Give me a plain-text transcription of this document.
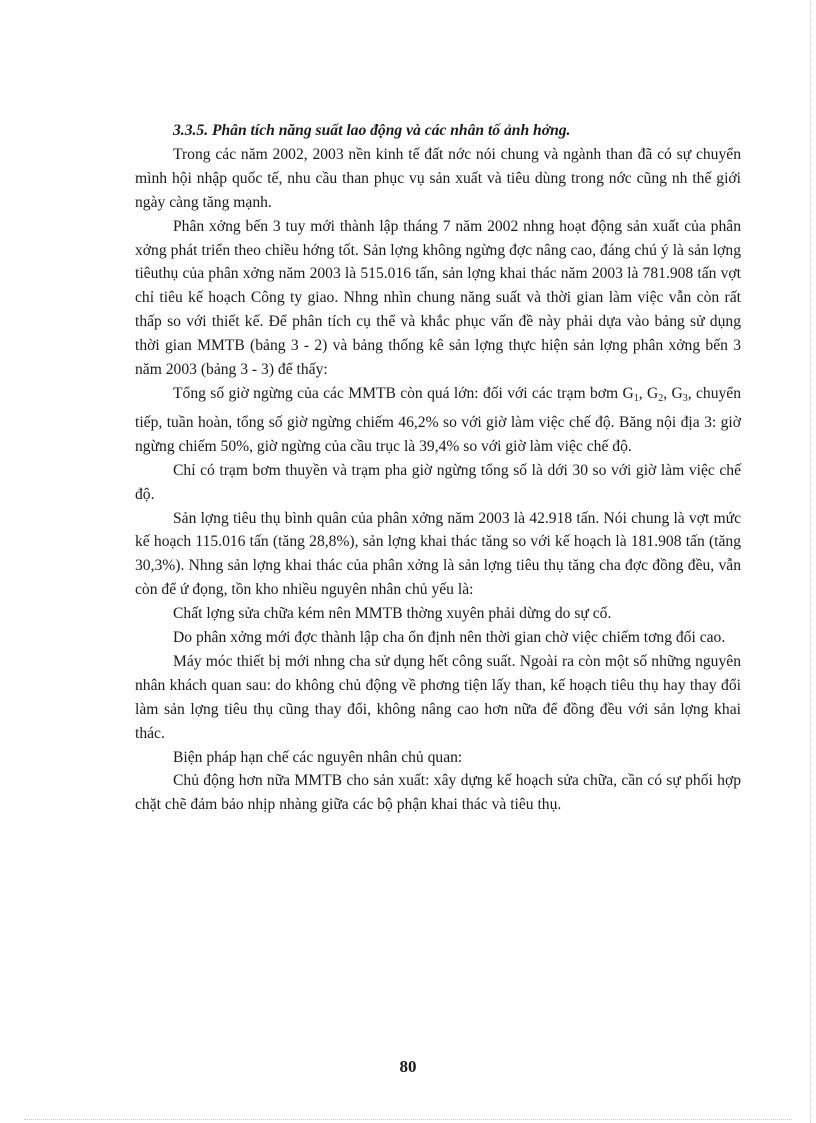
3.3.5. Phân tích năng suất lao động và các nhân tố ảnh hởng.

Trong các năm 2002, 2003 nền kinh tế đất nớc nói chung và ngành than đã có sự chuyển mình hội nhập quốc tế, nhu cầu than phục vụ sản xuất và tiêu dùng trong nớc cũng nh thế giới ngày càng tăng mạnh.

Phân xởng bến 3 tuy mới thành lập tháng 7 năm 2002 nhng hoạt động sản xuất của phân xởng phát triển theo chiều hớng tốt. Sản lợng không ngừng đợc nâng cao, đáng chú ý là sản lợng tiêuthụ của phân xởng năm 2003 là 515.016 tấn, sản lợng khai thác năm 2003 là 781.908 tấn vợt chỉ tiêu kế hoạch Công ty giao. Nhng nhìn chung năng suất và thời gian làm việc vẫn còn rất thấp so với thiết kế. Để phân tích cụ thể và khắc phục vấn đề này phải dựa vào bảng sử dụng thời gian MMTB (bảng 3 - 2) và bảng thống kê sản lợng thực hiện sản lợng phân xởng bến 3 năm 2003 (bảng 3 - 3) để thấy:

Tổng số giờ ngừng của các MMTB còn quá lớn: đối với các trạm bơm $G_1$, $G_2$, $G_3$, chuyển tiếp, tuần hoàn, tổng số giờ ngừng chiếm 46,2% so với giờ làm việc chế độ. Băng nội địa 3: giờ ngừng chiếm 50%, giờ ngừng của cầu trục là 39,4% so với giờ làm việc chế độ.

Chỉ có trạm bơm thuyền và trạm pha giờ ngừng tổng số là dới 30 so với giờ làm việc chế độ.

Sản lợng tiêu thụ bình quân của phân xởng năm 2003 là 42.918 tấn. Nói chung là vợt mức kế hoạch 115.016 tấn (tăng 28,8%), sản lợng khai thác tăng so với kế hoạch là 181.908 tấn (tăng 30,3%). Nhng sản lợng khai thác của phân xởng là sản lợng tiêu thụ tăng cha đợc đồng đều, vẫn còn để ứ đọng, tồn kho nhiều nguyên nhân chủ yếu là:

Chất lợng sửa chữa kém nên MMTB thờng xuyên phải dừng do sự cố.

Do phân xởng mới đợc thành lập cha ổn định nên thời gian chờ việc chiếm tơng đối cao.

Máy móc thiết bị mới nhng cha sử dụng hết công suất. Ngoài ra còn một số những nguyên nhân khách quan sau: do không chủ động về phơng tiện lấy than, kế hoạch tiêu thụ hay thay đổi làm sản lợng tiêu thụ cũng thay đổi, không nâng cao hơn nữa để đồng đều với sản lợng khai thác.

Biện pháp hạn chế các nguyên nhân chủ quan:

Chủ động hơn nữa MMTB cho sản xuất: xây dựng kế hoạch sửa chữa, cần có sự phối hợp chặt chẽ đảm bảo nhịp nhàng giữa các bộ phận khai thác và tiêu thụ.

80
